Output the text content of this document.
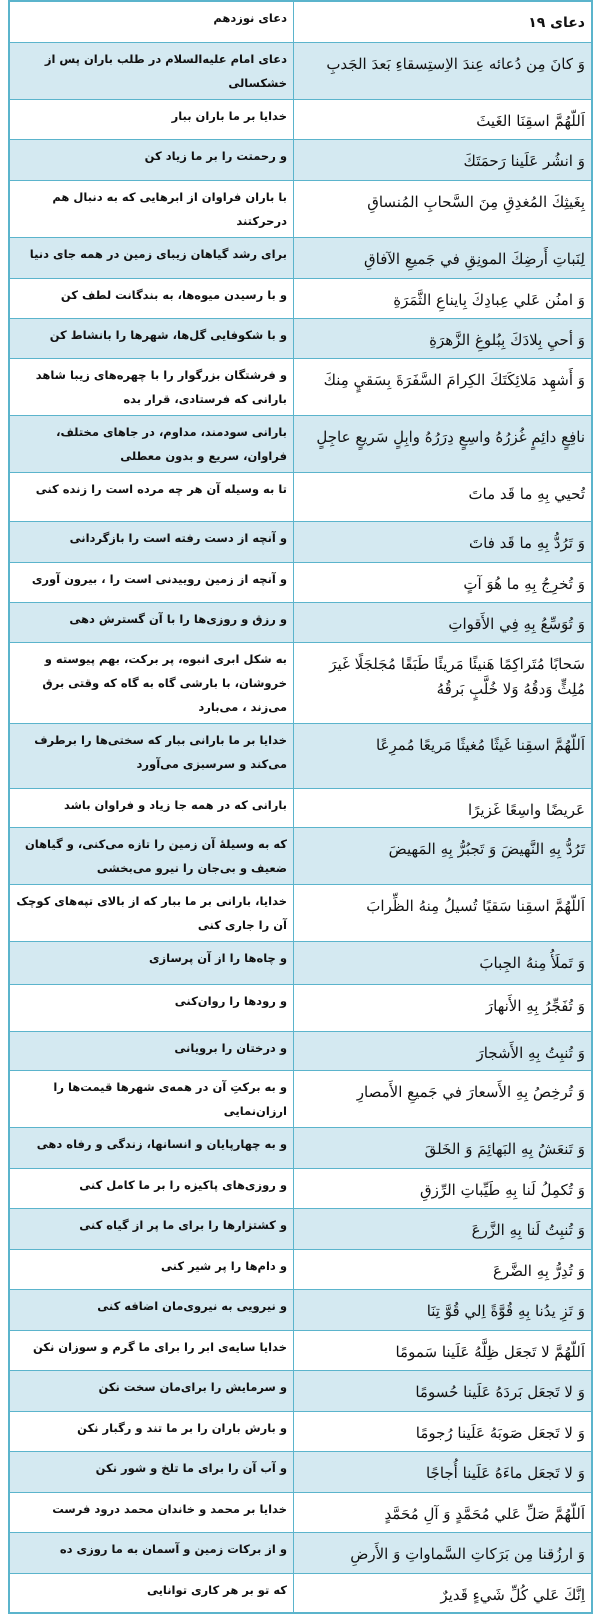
دعای ۱۹	دعای نوزدهم
وَ كانَ مِن دُعائه عِندَ الاِستِسقاءِ بَعدَ الجَدبِ	دعای امام علیه‌السلام در طلب باران پس از خشکسالی
اَللّهُمَّ اسقِنَا الغَيثَ	خدایا بر ما باران ببار
وَ انشُر عَلَينا رَحمَتَكَ	و رحمتت را بر ما زیاد کن
بِغَيثِكَ المُغدِقِ مِنَ السَّحابِ المُنساقِ	با باران فراوان از ابرهایی که به دنبال هم درحرکتند
لِنَباتِ أَرضِكَ المونِقِ في جَميعِ الآفاقِ	برای رشد گیاهان زیبای زمین در همه جای دنیا
وَ امنُن عَلي عِبادِكَ بِايناعِ الثَّمَرَةِ	و با رسیدن میوه‌ها، به بندگانت لطف کن
وَ أحيِ بِلادَكَ بِبُلوغِ الزَّهرَةِ	و با شکوفایی گل‌ها، شهرها را بانشاط کن
وَ أَشهِد مَلائِكَتَكَ الكِرامَ السَّفَرَةَ بِسَقيٍ مِنكَ	و فرشتگان بزرگوار را با چهره‌های زیبا شاهد بارانی که فرستادی، قرار بده
نافِعٍ دائِمٍ غُزرُهُ واسِعٍ دِرَرُهُ وابِلٍ سَريعٍ عاجِلٍ	بارانی سودمند، مداوم، در جاهای مختلف، فراوان، سریع و بدون معطلی
تُحيي بِهِ ما قَد ماتَ	تا به وسیله آن هر چه مرده است را زنده کنی
وَ تَرُدُّ بِهِ ما قَد فاتَ	و آنچه از دست رفته است را بازگردانی
وَ تُخرِجُ بِهِ ما هُوَ آتٍ	و آنچه از زمین روییدنی است را ، بیرون آوری
وَ تُوَسِّعُ بِهِ فِي الأَقواتِ	و رزق و روزی‌ها را با آن گسترش دهی
سَحابًا مُتَراكِمًا هَنيئًا مَريئًا طَبَقًا مُجَلجَلًا غَيرَ مُلِثٍّ وَدقُهُ وَلا خُلَّبٍ بَرقُهُ	به شکل ابری انبوه، پر برکت، بهم پیوسته و خروشان، با بارشی گاه به گاه که وقتی برق می‌زند ، می‌بارد
اَللّهُمَّ اسقِنا غَيثًا مُغيثًا مَريعًا مُمرِعًا	خدایا بر ما بارانی ببار که سختی‌ها را برطرف می‌کند و سرسبزی می‌آورد
عَريضًا واسِعًا غَزيرًا	بارانی که در همه جا زیاد و فراوان باشد
تَرُدُّ بِهِ النَّهيضَ وَ تَجبُرُّ بِهِ المَهيضَ	که به وسیلهٔ آن زمین را تازه می‌کنی، و گیاهان ضعیف و بی‌جان را نیرو می‌بخشی
اَللّهُمَّ اسقِنا سَقيًا تُسيلُ مِنهُ الظِّرابَ	خدایا، بارانی بر ما ببار که از بالای تپه‌های کوچک آن را جاری کنی
وَ تَملَأُ مِنهُ الجِبابَ	و چاه‌ها را از آن پرسازی
وَ تُفَجِّرُ بِهِ الأَنهارَ	و رودها را روان‌کنی
وَ تُنبِتُ بِهِ الأَشجارَ	و درختان را برویانی
وَ تُرخِصُ بِهِ الأَسعارَ في جَميعِ الأَمصارِ	و به برکتِ آن در همه‌ی شهرها قیمت‌ها را ارزان‌نمایی
وَ تَنعَشُ بِهِ البَهائِمَ وَ الخَلقَ	و به چهارپایان و انسانها، زندگی و رفاه دهی
وَ تُكمِلُ لَنا بِهِ طَيِّباتِ الرِّزقِ	و روزی‌های پاکیزه را بر ما کامل کنی
وَ تُنبِتُ لَنا بِهِ الزَّرعَ	و کشتزارها را برای ما پر از گیاه کنی
وَ تُدِرُّ بِهِ الضَّرعَ	و دام‌ها را پر شیر کنی
وَ تَزِ يدُنا بِهِ قُوَّةً اِلي قُوَّ تِنَا	و نیرویی به نیروی‌مان اضافه کنی
اَللّهُمَّ لا تَجعَل ظِلَّهُ عَلَينا سَمومًا	خدایا سایه‌ی ابر را برای ما گرم و سوزان نکن
وَ لا تَجعَل بَردَهُ عَلَينا حُسومًا	و سرمایش را برای‌مان سخت نکن
وَ لا تَجعَل صَوبَهُ عَلَينا رُجومًا	و بارش باران را بر ما تند و رگبار نکن
وَ لا تَجعَل ماءَهُ عَلَينا أُجاجًا	و آب آن را برای ما تلخ و شور نکن
اَللّهُمَّ صَلِّ عَلي مُحَمَّدٍ وَ آلِ مُحَمَّدٍ	خدایا بر محمد و خاندان محمد درود فرست
وَ ارزُقنا مِن بَرَكاتِ السَّماواتِ وَ الأَرضِ	و از برکات زمین و آسمان به ما روزی ده
اِنَّكَ عَلي كُلِّ شَيءٍ قَديرٌ	که تو بر هر کاری توانایی
